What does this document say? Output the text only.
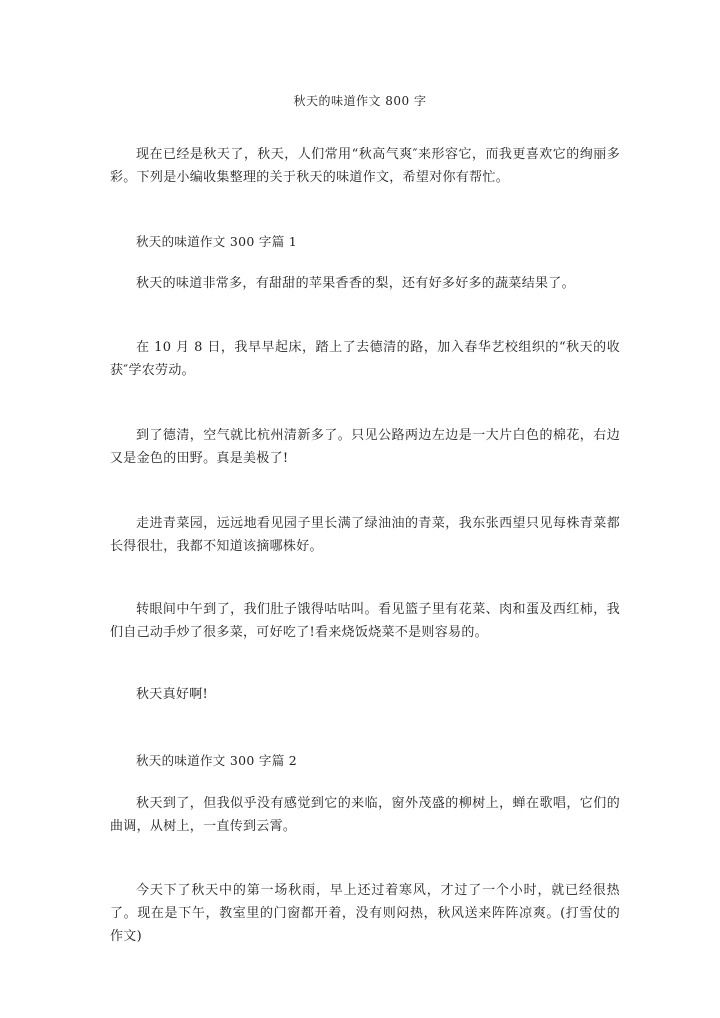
秋天的味道作文 800 字
现在已经是秋天了，秋天，人们常用“秋高气爽″来形容它，而我更喜欢它的绚丽多彩。下列是小编收集整理的关于秋天的味道作文，希望对你有帮忙。
秋天的味道作文 300 字篇 1
秋天的味道非常多，有甜甜的苹果香香的梨，还有好多好多的蔬菜结果了。
在 10 月 8 日，我早早起床，踏上了去德清的路，加入春华艺校组织的“秋天的收获″学农劳动。
到了德清，空气就比杭州清新多了。只见公路两边左边是一大片白色的棉花，右边又是金色的田野。真是美极了!
走进青菜园，远远地看见园子里长满了绿油油的青菜，我东张西望只见每株青菜都长得很壮，我都不知道该摘哪株好。
转眼间中午到了，我们肚子饿得咕咕叫。看见篮子里有花菜、肉和蛋及西红柿，我们自己动手炒了很多菜，可好吃了!看来烧饭烧菜不是则容易的。
秋天真好啊!
秋天的味道作文 300 字篇 2
秋天到了，但我似乎没有感觉到它的来临，窗外茂盛的柳树上，蝉在歌唱，它们的曲调，从树上，一直传到云霄。
今天下了秋天中的第一场秋雨，早上还过着寒风，才过了一个小时，就已经很热了。现在是下午，教室里的门窗都开着，没有则闷热，秋风送来阵阵凉爽。(打雪仗的作文)
